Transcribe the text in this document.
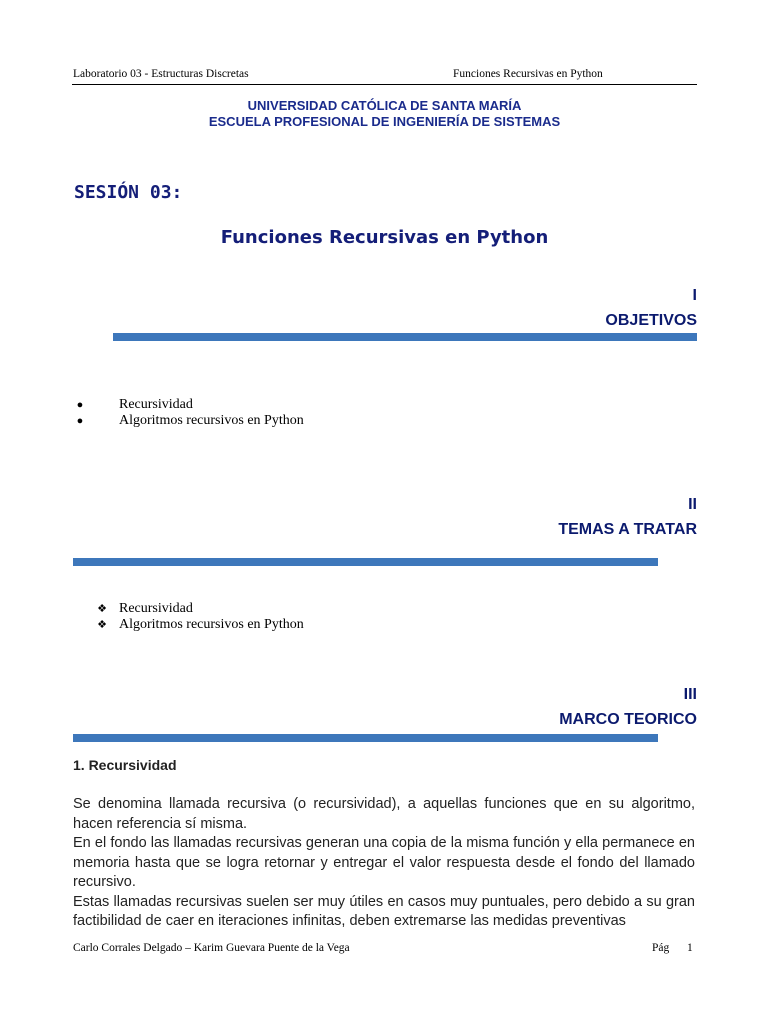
Laboratorio 03 - Estructuras Discretas	Funciones Recursivas en Python
UNIVERSIDAD CATÓLICA DE SANTA MARÍA
ESCUELA PROFESIONAL DE INGENIERÍA DE SISTEMAS
SESIÓN 03:
Funciones Recursivas en Python
I
OBJETIVOS
●	Recursividad
●	Algoritmos recursivos en Python
II
TEMAS A TRATAR
❖ Recursividad
❖ Algoritmos recursivos en Python
III
MARCO TEORICO
1. Recursividad

Se denomina llamada recursiva (o recursividad), a aquellas funciones que en su algoritmo, hacen referencia sí misma.

En el fondo las llamadas recursivas generan una copia de la misma función y ella permanece en memoria hasta que se logra retornar y entregar el valor respuesta desde el fondo del llamado recursivo.

Estas llamadas recursivas suelen ser muy útiles en casos muy puntuales, pero debido a su gran factibilidad de caer en iteraciones infinitas, deben extremarse las medidas preventivas

Carlo Corrales Delgado – Karim Guevara Puente de la Vega	Pág 1
